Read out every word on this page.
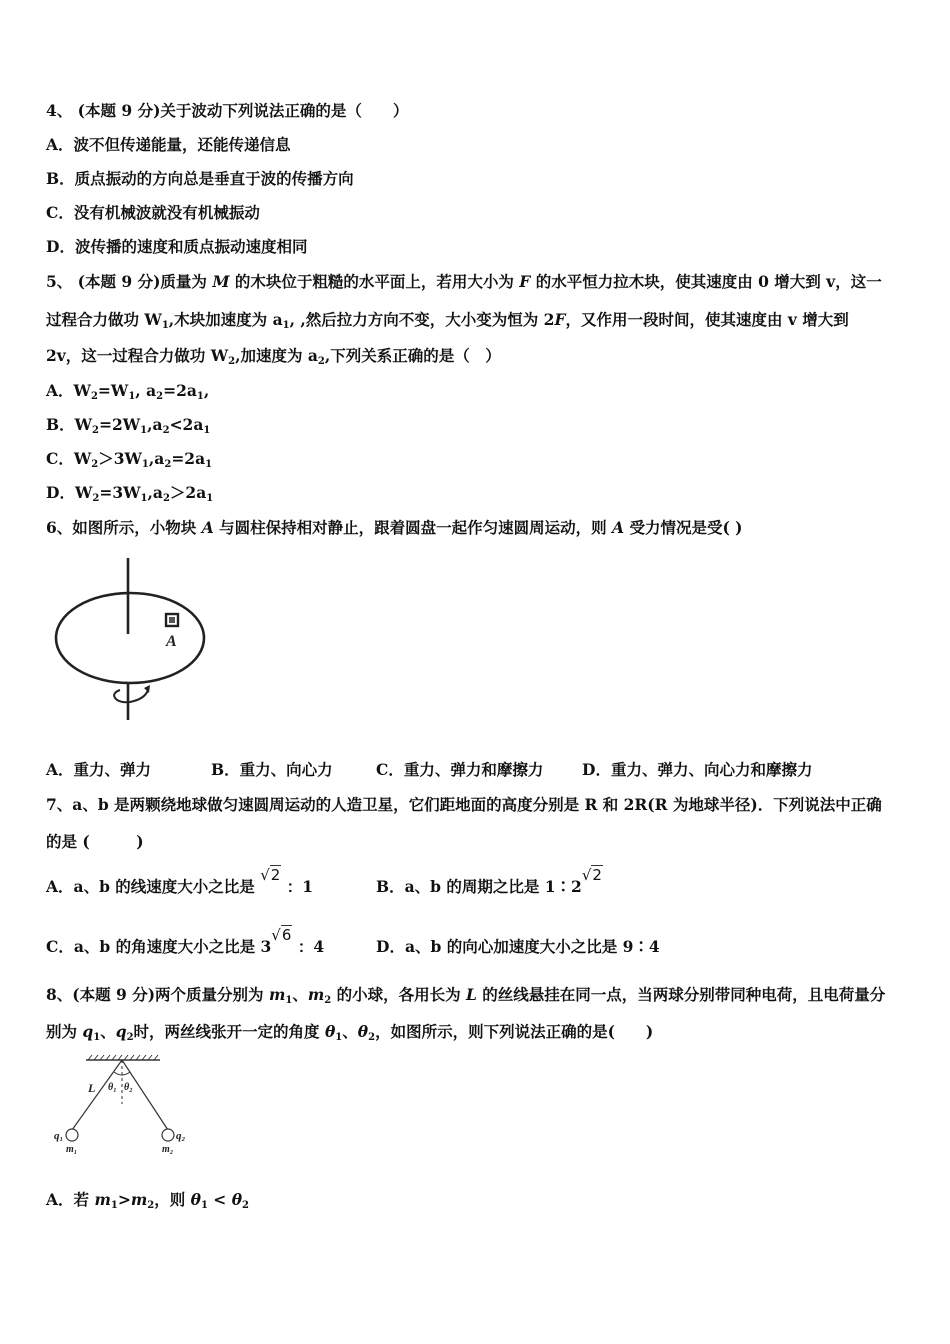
4、 (本题 9 分)关于波动下列说法正确的是（　　）
A．波不但传递能量，还能传递信息
B．质点振动的方向总是垂直于波的传播方向
C．没有机械波就没有机械振动
D．波传播的速度和质点振动速度相同
5、 (本题 9 分)质量为 M 的木块位于粗糙的水平面上，若用大小为 F 的水平恒力拉木块，使其速度由 0 增大到 v，这一
过程合力做功 $W_1$,木块加速度为 $a_1$, ,然后拉力方向不变，大小变为恒为 2F，又作用一段时间，使其速度由 v 增大到
2v，这一过程合力做功 $W_2$,加速度为 $a_2$,下列关系正确的是（　）
A．$W_2=W_1$, $a_2=2a_1$,
B．$W_2=2W_1,a_2<2a_1$
C．$W_2>3W_1,a_2=2a_1$
D．$W_2=3W_1,a_2>2a_1$
6、如图所示，小物块 A 与圆柱保持相对静止，跟着圆盘一起作匀速圆周运动，则 A 受力情况是受( )
A
A．重力、弹力	B．重力、向心力	C．重力、弹力和摩擦力 D．重力、弹力、向心力和摩擦力
7、a、b 是两颗绕地球做匀速圆周运动的人造卫星，它们距地面的高度分别是 R 和 2R(R 为地球半径)．下列说法中正确
的是 (　　　)
A．a、b 的线速度大小之比是 √2 ：1	B．a、b 的周期之比是 1∶2√2
C．a、b 的角速度大小之比是 3√6 ：4	D．a、b 的向心加速度大小之比是 9∶4
8、(本题 9 分)两个质量分别为 $m_1$、$m_2$ 的小球，各用长为 L 的丝线悬挂在同一点，当两球分别带同种电荷，且电荷量分
别为 $q_1$、$q_2$时，两丝线张开一定的角度 $\theta_1$、$\theta_2$，如图所示，则下列说法正确的是(　　)
L θ₁ θ₂
q₁	q₂
m₁	m₂
A．若 $m_1>m_2$，则 $\theta_1 < \theta_2$
